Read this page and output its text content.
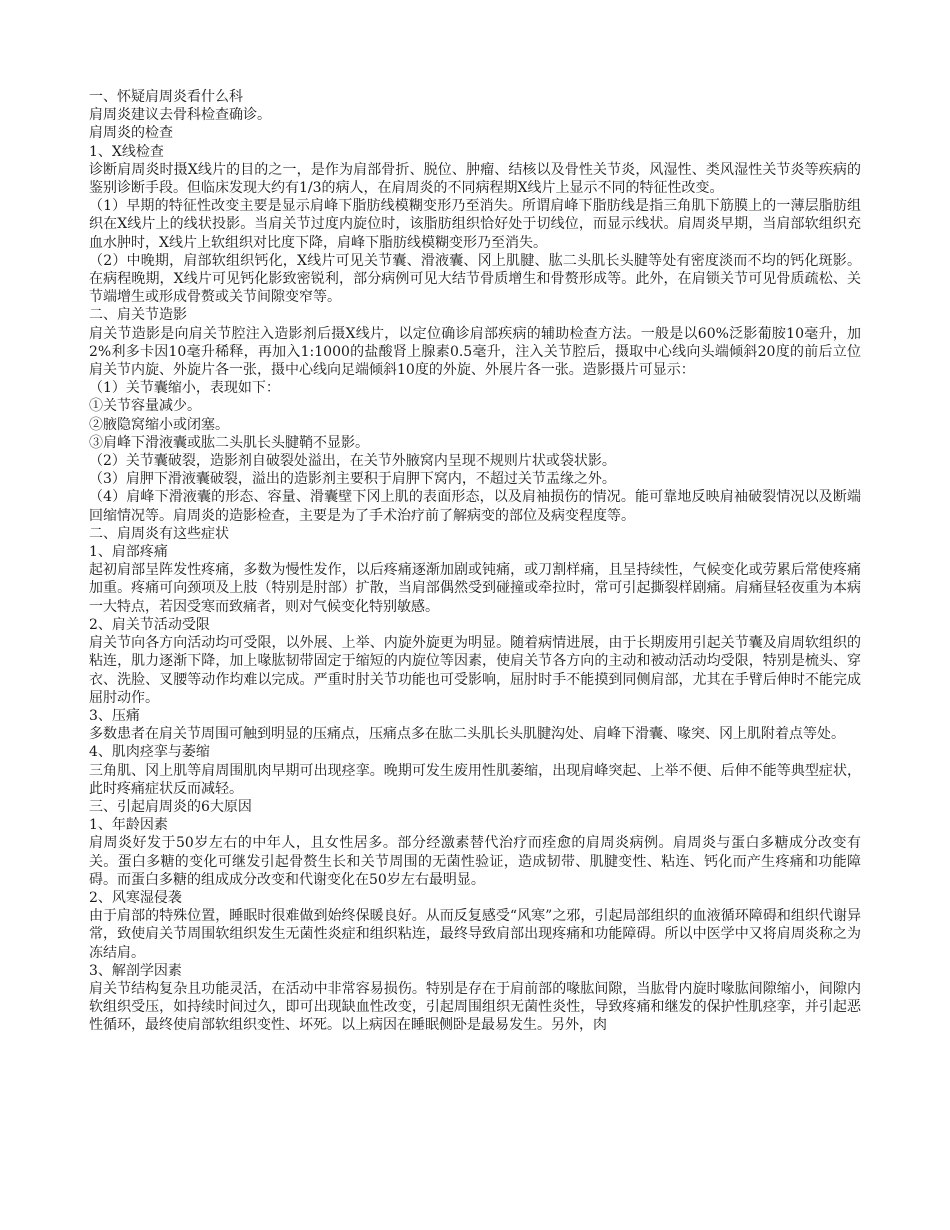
一、怀疑肩周炎看什么科

肩周炎建议去骨科检查确诊。

肩周炎的检查

1、X线检查

诊断肩周炎时摄X线片的目的之一，是作为肩部骨折、脱位、肿瘤、结核以及骨性关节炎，风湿性、类风湿性关节炎等疾病的鉴别诊断手段。但临床发现大约有1/3的病人，在肩周炎的不同病程期X线片上显示不同的特征性改变。

（1）早期的特征性改变主要是显示肩峰下脂肪线模糊变形乃至消失。所谓肩峰下脂肪线是指三角肌下筋膜上的一薄层脂肪组织在X线片上的线状投影。当肩关节过度内旋位时，该脂肪组织恰好处于切线位，而显示线状。肩周炎早期，当肩部软组织充血水肿时，X线片上软组织对比度下降，肩峰下脂肪线模糊变形乃至消失。

（2）中晚期，肩部软组织钙化，X线片可见关节囊、滑液囊、冈上肌腱、肱二头肌长头腱等处有密度淡而不均的钙化斑影。在病程晚期，X线片可见钙化影致密锐利，部分病例可见大结节骨质增生和骨赘形成等。此外，在肩锁关节可见骨质疏松、关节端增生或形成骨赘或关节间隙变窄等。

二、肩关节造影

肩关节造影是向肩关节腔注入造影剂后摄X线片，以定位确诊肩部疾病的辅助检查方法。一般是以60%泛影葡胺10毫升，加2%利多卡因10毫升稀释，再加入1:1000的盐酸肾上腺素0.5毫升，注入关节腔后，摄取中心线向头端倾斜20度的前后立位肩关节内旋、外旋片各一张，摄中心线向足端倾斜10度的外旋、外展片各一张。造影摄片可显示：

（1）关节囊缩小，表现如下：

①关节容量减少。

②腋隐窝缩小或闭塞。

③肩峰下滑液囊或肱二头肌长头腱鞘不显影。

（2）关节囊破裂，造影剂自破裂处溢出，在关节外腋窝内呈现不规则片状或袋状影。

（3）肩胛下滑液囊破裂，溢出的造影剂主要积于肩胛下窝内，不超过关节盂缘之外。

（4）肩峰下滑液囊的形态、容量、滑囊壁下冈上肌的表面形态，以及肩袖损伤的情况。能可靠地反映肩袖破裂情况以及断端回缩情况等。肩周炎的造影检查，主要是为了手术治疗前了解病变的部位及病变程度等。

二、肩周炎有这些症状

1、肩部疼痛

起初肩部呈阵发性疼痛，多数为慢性发作，以后疼痛逐渐加剧或钝痛，或刀割样痛，且呈持续性，气候变化或劳累后常使疼痛加重。疼痛可向颈项及上肢（特别是肘部）扩散，当肩部偶然受到碰撞或牵拉时，常可引起撕裂样剧痛。肩痛昼轻夜重为本病一大特点，若因受寒而致痛者，则对气候变化特别敏感。

2、肩关节活动受限

肩关节向各方向活动均可受限，以外展、上举、内旋外旋更为明显。随着病情进展，由于长期废用引起关节囊及肩周软组织的粘连，肌力逐渐下降，加上喙肱韧带固定于缩短的内旋位等因素，使肩关节各方向的主动和被动活动均受限，特别是梳头、穿衣、洗脸、叉腰等动作均难以完成。严重时肘关节功能也可受影响，屈肘时手不能摸到同侧肩部，尤其在手臂后伸时不能完成屈肘动作。

3、压痛

多数患者在肩关节周围可触到明显的压痛点，压痛点多在肱二头肌长头肌腱沟处、肩峰下滑囊、喙突、冈上肌附着点等处。

4、肌肉痉挛与萎缩

三角肌、冈上肌等肩周围肌肉早期可出现痉挛。晚期可发生废用性肌萎缩，出现肩峰突起、上举不便、后伸不能等典型症状，此时疼痛症状反而减轻。

三、引起肩周炎的6大原因

1、年龄因素

肩周炎好发于50岁左右的中年人，且女性居多。部分经激素替代治疗而痊愈的肩周炎病例。肩周炎与蛋白多糖成分改变有关。蛋白多糖的变化可继发引起骨赘生长和关节周围的无菌性验证，造成韧带、肌腱变性、粘连、钙化而产生疼痛和功能障碍。而蛋白多糖的组成成分改变和代谢变化在50岁左右最明显。

2、风寒湿侵袭

由于肩部的特殊位置，睡眠时很难做到始终保暖良好。从而反复感受“风寒”之邪，引起局部组织的血液循环障碍和组织代谢异常，致使肩关节周围软组织发生无菌性炎症和组织粘连，最终导致肩部出现疼痛和功能障碍。所以中医学中又将肩周炎称之为冻结肩。

3、解剖学因素

肩关节结构复杂且功能灵活，在活动中非常容易损伤。特别是存在于肩前部的喙肱间隙，当肱骨内旋时喙肱间隙缩小，间隙内软组织受压，如持续时间过久，即可出现缺血性改变，引起周围组织无菌性炎性，导致疼痛和继发的保护性肌痉挛，并引起恶性循环，最终使肩部软组织变性、坏死。以上病因在睡眠侧卧是最易发生。另外，肉
